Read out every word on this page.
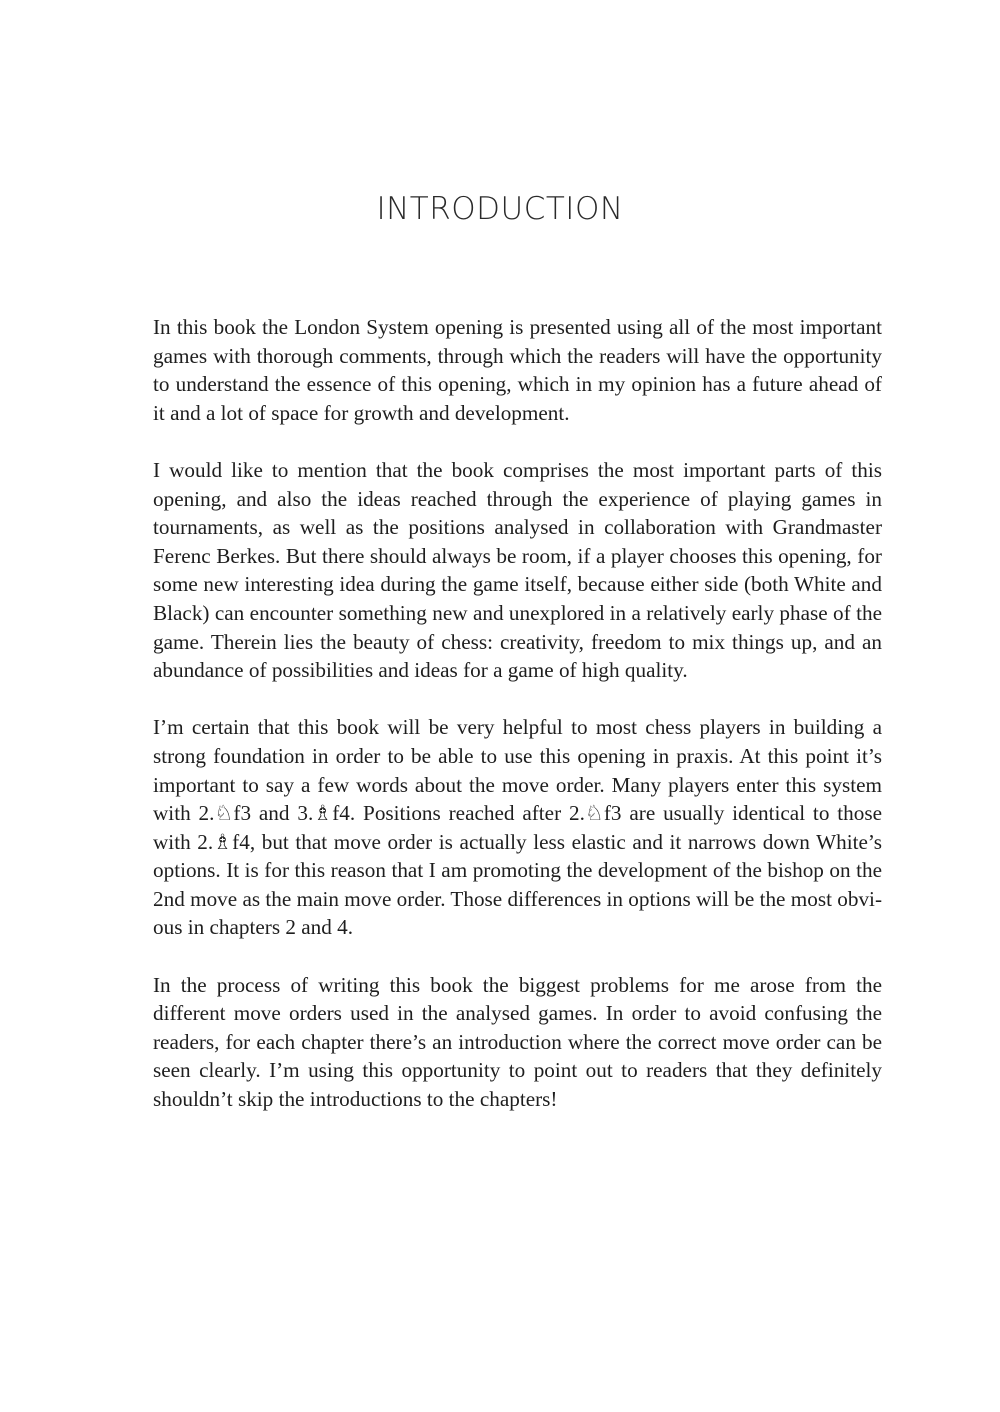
INTRODUCTION

In this book the London System opening is presented using all of the most important games with thorough comments, through which the readers will have the opportunity to understand the essence of this opening, which in my opinion has a future ahead of it and a lot of space for growth and development.

I would like to mention that the book comprises the most important parts of this opening, and also the ideas reached through the experience of playing games in tournaments, as well as the positions analysed in collaboration with Grandmaster Ferenc Berkes. But there should always be room, if a player chooses this opening, for some new interesting idea during the game itself, because either side (both White and Black) can encounter something new and unexplored in a relatively early phase of the game. Therein lies the beauty of chess: creativity, freedom to mix things up, and an abundance of possibilities and ideas for a game of high quality.

I’m certain that this book will be very helpful to most chess players in building a strong foundation in order to be able to use this opening in praxis. At this point it’s important to say a few words about the move order. Many players enter this system with 2.♘f3 and 3.♗f4. Positions reached after 2.♘f3 are usually identical to those with 2.♗f4, but that move order is actually less elastic and it narrows down White’s options. It is for this reason that I am promoting the development of the bishop on the 2nd move as the main move order. Those differences in options will be the most obvious in chapters 2 and 4.

In the process of writing this book the biggest problems for me arose from the different move orders used in the analysed games. In order to avoid confusing the readers, for each chapter there’s an introduction where the correct move order can be seen clearly. I’m using this opportunity to point out to readers that they definitely shouldn’t skip the introductions to the chapters!
